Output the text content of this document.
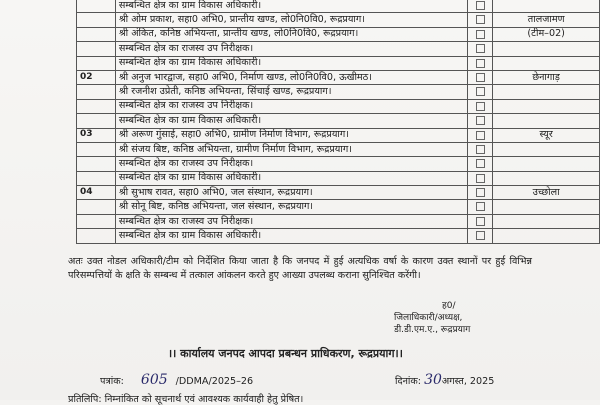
	सम्बन्धित क्षेत्र का ग्राम विकास अधिकारी।		
	श्री ओम प्रकाश, सहा0 अभि0, प्रान्तीय खण्ड, लो0नि0वि0, रूद्रप्रयाग।		तालजामण
	श्री अंकित, कनिष्ठ अभियन्ता, प्रान्तीय खण्ड, लो0नि0वि0, रूद्रप्रयाग।		(टीम–02)
	सम्बन्धित क्षेत्र का राजस्व उप निरीक्षक।		
	सम्बन्धित क्षेत्र का ग्राम विकास अधिकारी।		
02	श्री अनुज भारद्वाज, सहा0 अभि0, निर्माण खण्ड, लो0नि0वि0, ऊखीमठ।		छेनागाड़
	श्री रजनीश उप्रेती, कनिष्ठ अभियन्ता, सिंचाई खण्ड, रूद्रप्रयाग।		
	सम्बन्धित क्षेत्र का राजस्व उप निरीक्षक।		
	सम्बन्धित क्षेत्र का ग्राम विकास अधिकारी।		
03	श्री अरूण गुंसाई, सहा0 अभि0, ग्रामीण निर्माण विभाग, रूद्रप्रयाग।		स्यूर
	श्री संजय बिष्ट, कनिष्ठ अभियन्ता, ग्रामीण निर्माण विभाग, रूद्रप्रयाग।		
	सम्बन्धित क्षेत्र का राजस्व उप निरीक्षक।		
	सम्बन्धित क्षेत्र का ग्राम विकास अधिकारी।		
04	श्री सुभाष रावत, सहा0 अभि0, जल संस्थान, रूद्रप्रयाग।		उच्छोला
	श्री सोनू बिष्ट, कनिष्ठ अभियन्ता, जल संस्थान, रूद्रप्रयाग।		
	सम्बन्धित क्षेत्र का राजस्व उप निरीक्षक।		
	सम्बन्धित क्षेत्र का ग्राम विकास अधिकारी।		
अतः उक्त नोडल अधिकारी/टीम को निर्देशित किया जाता है कि जनपद में हुई अत्यधिक वर्षा के कारण उक्त स्थानों पर हुई विभिन्न परिसम्पत्तियों के क्षति के सम्बन्ध में तत्काल आंकलन करते हुए आख्या उपलब्ध कराना सुनिश्चित करेंगी।
ह0/
जिलाधिकारी/अध्यक्ष,
डी.डी.एम.ए., रूद्रप्रयाग
।। कार्यालय जनपद आपदा प्रबन्धन प्राधिकरण, रूद्रप्रयाग।।
पत्रांक: 605 /DDMA/2025–26	दिनांक: 30अगस्त, 2025
प्रतिलिपि: निम्नांकित को सूचनार्थ एवं आवश्यक कार्यवाही हेतु प्रेषित।
